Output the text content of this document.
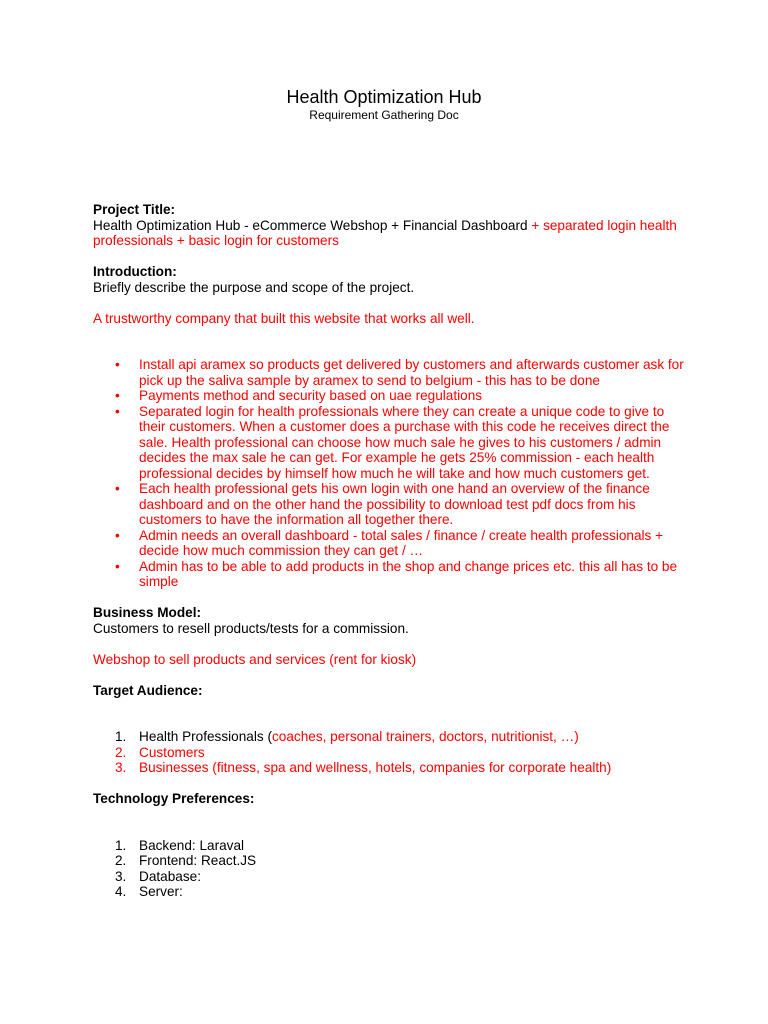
Health Optimization Hub
Requirement Gathering Doc

Project Title:

Health Optimization Hub - eCommerce Webshop + Financial Dashboard + separated login health professionals + basic login for customers

Introduction:

Briefly describe the purpose and scope of the project.

A trustworthy company that built this website that works all well.

• Install api aramex so products get delivered by customers and afterwards customer ask for pick up the saliva sample by aramex to send to belgium - this has to be done
• Payments method and security based on uae regulations
• Separated login for health professionals where they can create a unique code to give to their customers. When a customer does a purchase with this code he receives direct the sale. Health professional can choose how much sale he gives to his customers / admin decides the max sale he can get. For example he gets 25% commission - each health professional decides by himself how much he will take and how much customers get.
• Each health professional gets his own login with one hand an overview of the finance dashboard and on the other hand the possibility to download test pdf docs from his customers to have the information all together there.
• Admin needs an overall dashboard - total sales / finance / create health professionals + decide how much commission they can get / …
• Admin has to be able to add products in the shop and change prices etc. this all has to be simple

Business Model:

Customers to resell products/tests for a commission.

Webshop to sell products and services (rent for kiosk)

Target Audience:

1. Health Professionals (coaches, personal trainers, doctors, nutritionist, …)
2. Customers
3. Businesses (fitness, spa and wellness, hotels, companies for corporate health)

Technology Preferences:

1. Backend: Laraval
2. Frontend: React.JS
3. Database:
4. Server:
